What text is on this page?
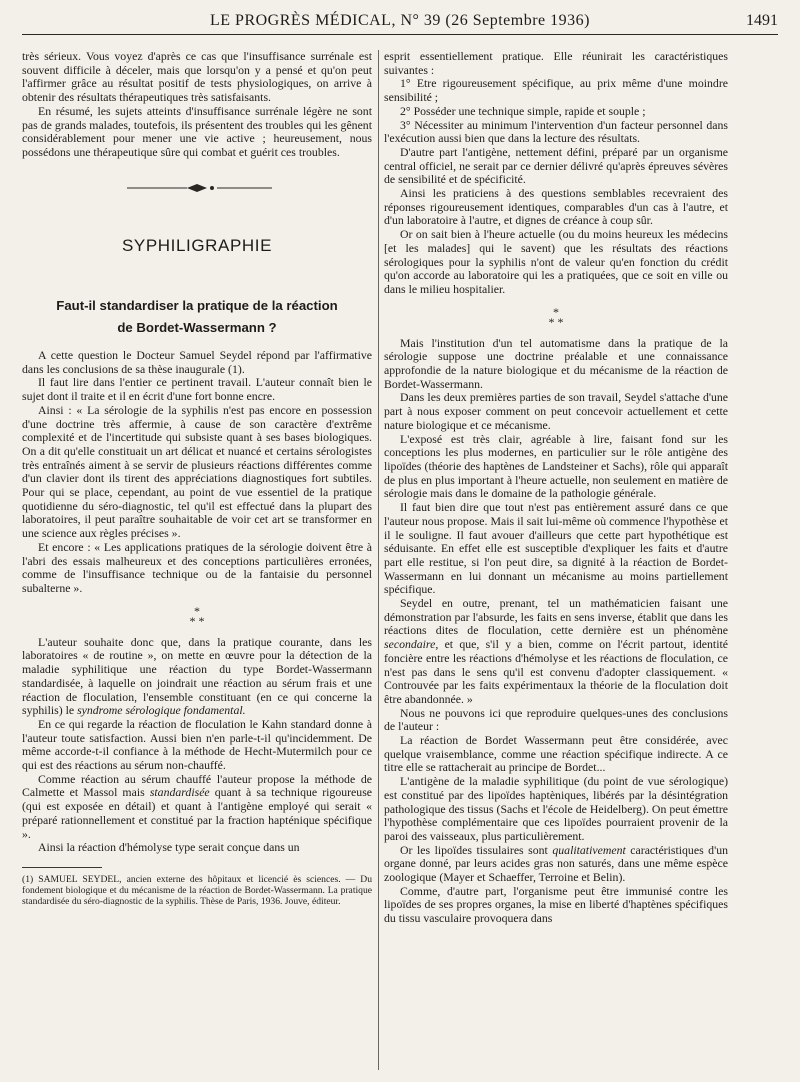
LE PROGRÈS MÉDICAL, N° 39 (26 Septembre 1936)	1491

très sérieux. Vous voyez d'après ce cas que l'insuffisance surrénale est souvent difficile à déceler, mais que lorsqu'on y a pensé et qu'on peut l'affirmer grâce au résultat positif de tests physiologiques, on arrive à obtenir des résultats thérapeutiques très satisfaisants.

En résumé, les sujets atteints d'insuffisance surrénale légère ne sont pas de grands malades, toutefois, ils présentent des troubles qui les gênent considérablement pour mener une vie active ; heureusement, nous possédons une thérapeutique sûre qui combat et guérit ces troubles.

SYPHILIGRAPHIE
Faut-il standardiser la pratique de la réaction
de Bordet-Wassermann ?

A cette question le Docteur Samuel Seydel répond par l'affirmative dans les conclusions de sa thèse inaugurale (1).

Il faut lire dans l'entier ce pertinent travail. L'auteur connaît bien le sujet dont il traite et il en écrit d'une fort bonne encre.

Ainsi : « La sérologie de la syphilis n'est pas encore en possession d'une doctrine très affermie, à cause de son caractère d'extrême complexité et de l'incertitude qui subsiste quant à ses bases biologiques. On a dit qu'elle constituait un art délicat et nuancé et certains sérologistes très entraînés aiment à se servir de plusieurs réactions différentes comme d'un clavier dont ils tirent des appréciations diagnostiques fort subtiles. Pour qui se place, cependant, au point de vue essentiel de la pratique quotidienne du séro-diagnostic, tel qu'il est effectué dans la plupart des laboratoires, il peut paraître souhaitable de voir cet art se transformer en une science aux règles précises ».

Et encore : « Les applications pratiques de la sérologie doivent être à l'abri des essais malheureux et des conceptions particulières erronées, comme de l'insuffisance technique ou de la fantaisie du personnel subalterne ».

*
* *

L'auteur souhaite donc que, dans la pratique courante, dans les laboratoires « de routine », on mette en œuvre pour la détection de la maladie syphilitique une réaction du type Bordet-Wassermann standardisée, à laquelle on joindrait une réaction au sérum frais et une réaction de floculation, l'ensemble constituant (en ce qui concerne la syphilis) le syndrome sérologique fondamental.

En ce qui regarde la réaction de floculation le Kahn standard donne à l'auteur toute satisfaction. Aussi bien n'en parle-t-il qu'incidemment. De même accorde-t-il confiance à la méthode de Hecht-Mutermilch pour ce qui est des réactions au sérum non-chauffé.

Comme réaction au sérum chauffé l'auteur propose la méthode de Calmette et Massol mais standardisée quant à sa technique rigoureuse (qui est exposée en détail) et quant à l'antigène employé qui serait « préparé rationnellement et constitué par la fraction hapténique spécifique ».

Ainsi la réaction d'hémolyse type serait conçue dans un

(1) SAMUEL SEYDEL, ancien externe des hôpitaux et licencié ès sciences. — Du fondement biologique et du mécanisme de la réaction de Bordet-Wassermann. La pratique standardisée du séro-diagnostic de la syphilis. Thèse de Paris, 1936. Jouve, éditeur.

esprit essentiellement pratique. Elle réunirait les caractéristiques suivantes :

1° Etre rigoureusement spécifique, au prix même d'une moindre sensibilité ;

2° Posséder une technique simple, rapide et souple ;

3° Nécessiter au minimum l'intervention d'un facteur personnel dans l'exécution aussi bien que dans la lecture des résultats.

D'autre part l'antigène, nettement défini, préparé par un organisme central officiel, ne serait par ce dernier délivré qu'après épreuves sévères de sensibilité et de spécificité.

Ainsi les praticiens à des questions semblables recevraient des réponses rigoureusement identiques, comparables d'un cas à l'autre, et d'un laboratoire à l'autre, et dignes de créance à coup sûr.

Or on sait bien à l'heure actuelle (ou du moins heureux les médecins [et les malades] qui le savent) que les résultats des réactions sérologiques pour la syphilis n'ont de valeur qu'en fonction du crédit qu'on accorde au laboratoire qui les a pratiquées, que ce soit en ville ou dans le milieu hospitalier.

*
* *

Mais l'institution d'un tel automatisme dans la pratique de la sérologie suppose une doctrine préalable et une connaissance approfondie de la nature biologique et du mécanisme de la réaction de Bordet-Wassermann.

Dans les deux premières parties de son travail, Seydel s'attache d'une part à nous exposer comment on peut concevoir actuellement et cette nature biologique et ce mécanisme.

L'exposé est très clair, agréable à lire, faisant fond sur les conceptions les plus modernes, en particulier sur le rôle antigène des lipoïdes (théorie des haptènes de Landsteiner et Sachs), rôle qui apparaît de plus en plus important à l'heure actuelle, non seulement en matière de sérologie mais dans le domaine de la pathologie générale.

Il faut bien dire que tout n'est pas entièrement assuré dans ce que l'auteur nous propose. Mais il sait lui-même où commence l'hypothèse et il le souligne. Il faut avouer d'ailleurs que cette part hypothétique est séduisante. En effet elle est susceptible d'expliquer les faits et d'autre part elle restitue, si l'on peut dire, sa dignité à la réaction de Bordet-Wassermann en lui donnant un mécanisme au moins partiellement spécifique.

Seydel en outre, prenant, tel un mathématicien faisant une démonstration par l'absurde, les faits en sens inverse, établit que dans les réactions dites de floculation, cette dernière est un phénomène secondaire, et que, s'il y a bien, comme on l'écrit partout, identité foncière entre les réactions d'hémolyse et les réactions de floculation, ce n'est pas dans le sens qu'il est convenu d'adopter classiquement. « Controuvée par les faits expérimentaux la théorie de la floculation doit être abandonnée. »

Nous ne pouvons ici que reproduire quelques-unes des conclusions de l'auteur :

La réaction de Bordet Wassermann peut être considérée, avec quelque vraisemblance, comme une réaction spécifique indirecte. A ce titre elle se rattacherait au principe de Bordet...

L'antigène de la maladie syphilitique (du point de vue sérologique) est constitué par des lipoïdes haptèniques, libérés par la désintégration pathologique des tissus (Sachs et l'école de Heidelberg). On peut émettre l'hypothèse complémentaire que ces lipoïdes pourraient provenir de la paroi des vaisseaux, plus particulièrement.

Or les lipoïdes tissulaires sont qualitativement caractéristiques d'un organe donné, par leurs acides gras non saturés, dans une même espèce zoologique (Mayer et Schaeffer, Terroine et Belin).

Comme, d'autre part, l'organisme peut être immunisé contre les lipoïdes de ses propres organes, la mise en liberté d'haptènes spécifiques du tissu vasculaire provoquera dans
